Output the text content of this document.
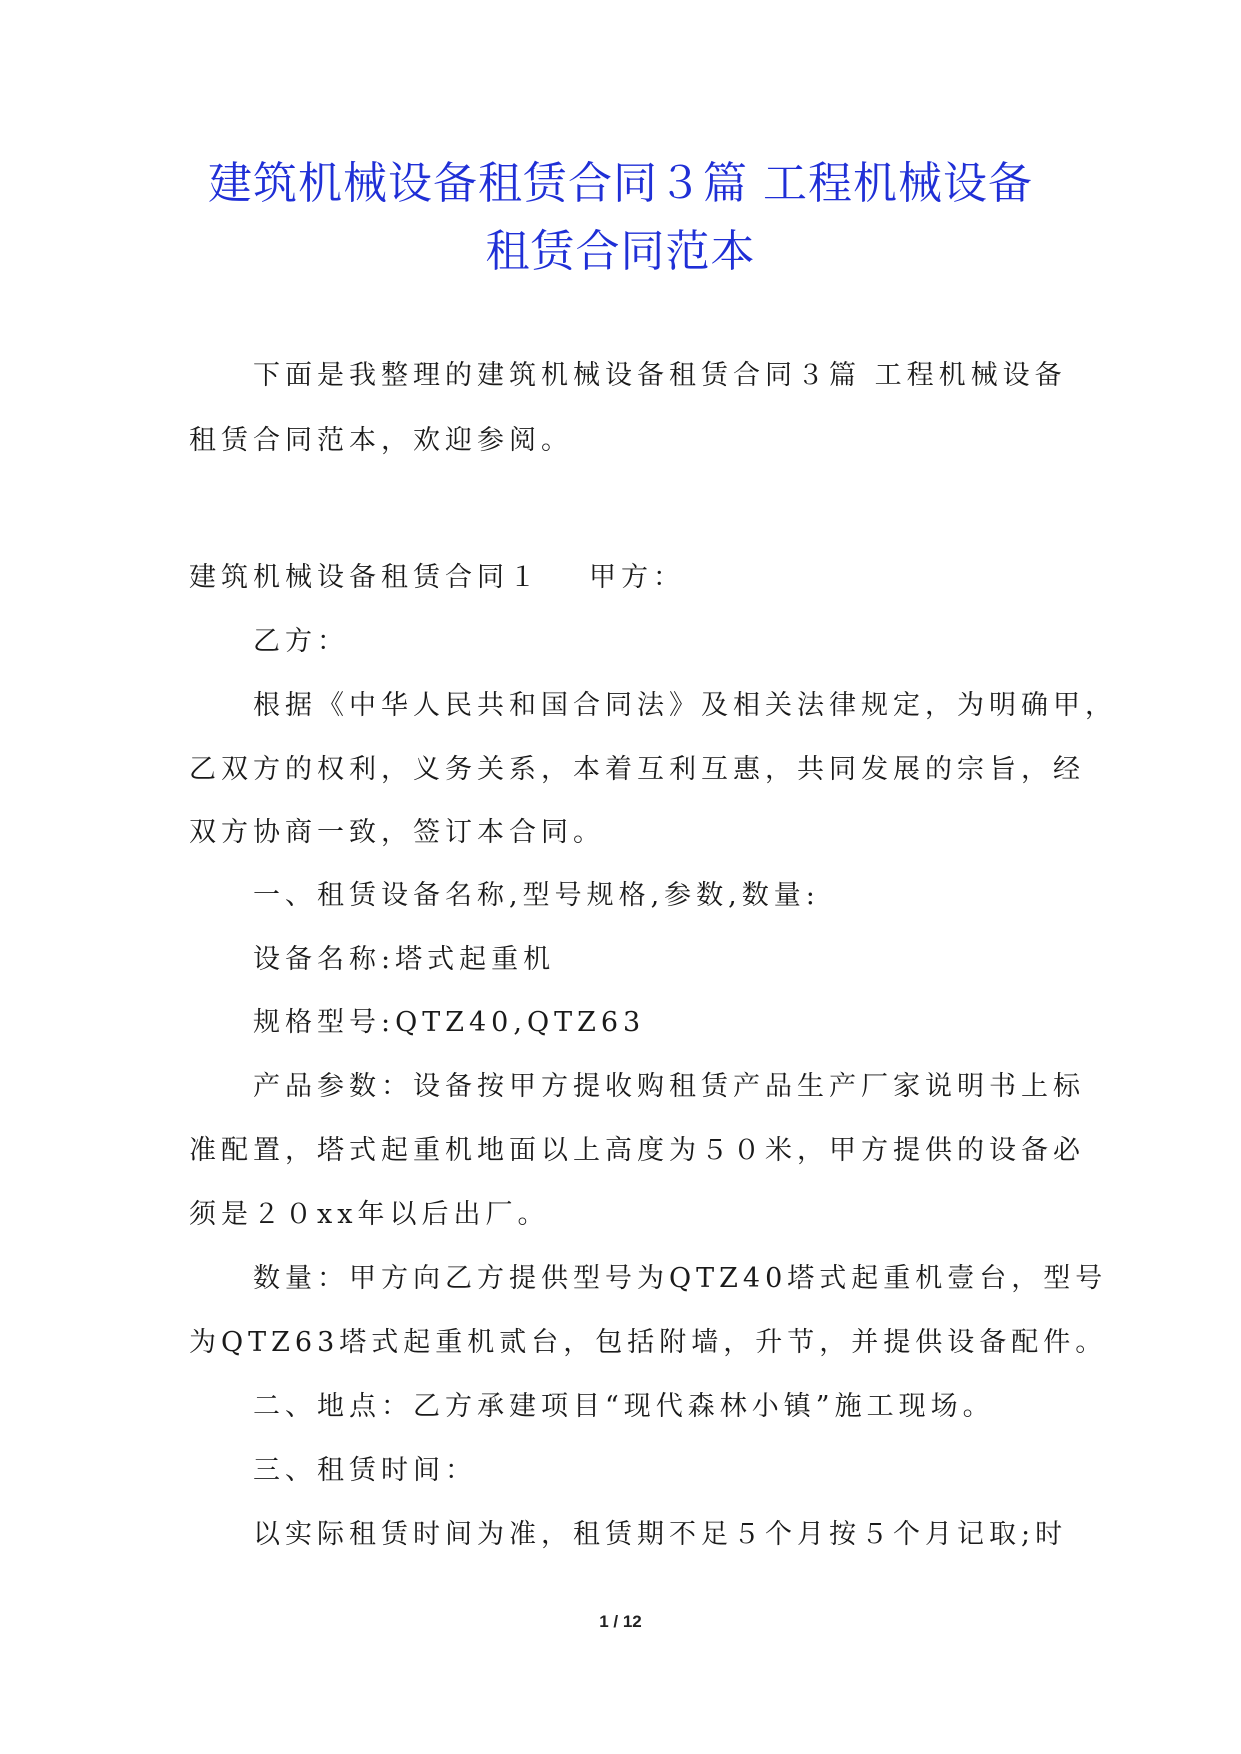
建筑机械设备租赁合同３篇 工程机械设备
租赁合同范本

下面是我整理的建筑机械设备租赁合同３篇 工程机械设备

租赁合同范本，欢迎参阅。

建筑机械设备租赁合同１ 甲方：

乙方：

根据《中华人民共和国合同法》及相关法律规定，为明确甲，

乙双方的权利，义务关系，本着互利互惠，共同发展的宗旨，经

双方协商一致，签订本合同。

一、租赁设备名称,型号规格,参数,数量:

设备名称:塔式起重机

规格型号:QTZ40,QTZ63

产品参数：设备按甲方提收购租赁产品生产厂家说明书上标

准配置，塔式起重机地面以上高度为５０米，甲方提供的设备必

须是２０xx年以后出厂。

数量：甲方向乙方提供型号为QTZ40塔式起重机壹台，型号

为QTZ63塔式起重机贰台，包括附墙，升节，并提供设备配件。

二、地点：乙方承建项目“现代森林小镇”施工现场。

三、租赁时间：

以实际租赁时间为准，租赁期不足５个月按５个月记取;时

1 / 12
